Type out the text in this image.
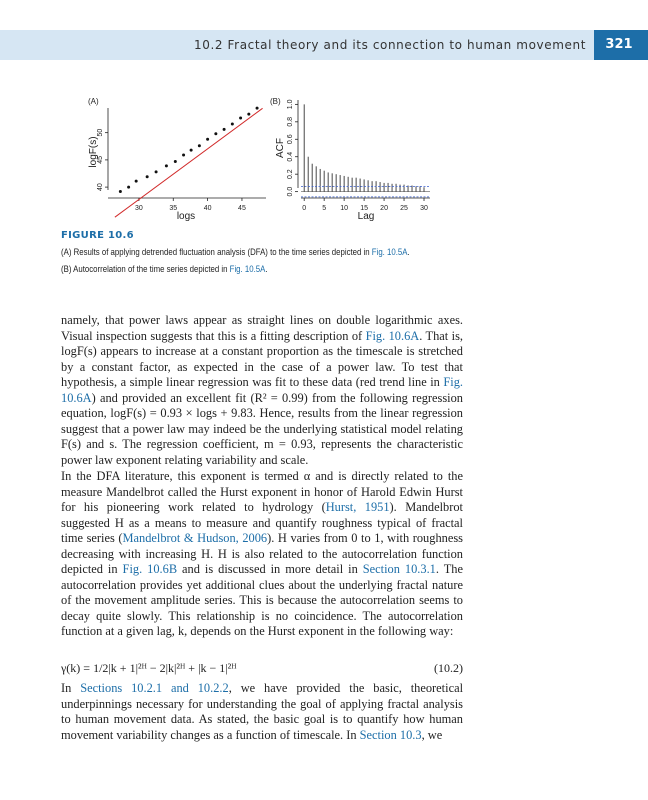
10.2 Fractal theory and its connection to human movement	321
(A)
30	35	40	45
40
45
50
logs
logF(s)
(B)
0 5 10 15 20 25 30
0.0
0.2
0.4
0.6
0.8
1.0
Lag
ACF
FIGURE 10.6
(A) Results of applying detrended fluctuation analysis (DFA) to the time series depicted in Fig. 10.5A.
(B) Autocorrelation of the time series depicted in Fig. 10.5A.

namely, that power laws appear as straight lines on double logarithmic axes. Visual inspection suggests that this is a fitting description of Fig. 10.6A. That is, logF(s) appears to increase at a constant proportion as the timescale is stretched by a constant factor, as expected in the case of a power law. To test that hypothesis, a simple linear regression was fit to these data (red trend line in Fig. 10.6A) and provided an excellent fit (R² = 0.99) from the following regression equation, logF(s) = 0.93 × logs + 9.83. Hence, results from the linear regression suggest that a power law may indeed be the underlying statistical model relating F(s) and s. The regression coefficient, m = 0.93, represents the characteristic power law exponent relating variability and scale.

In the DFA literature, this exponent is termed α and is directly related to the measure Mandelbrot called the Hurst exponent in honor of Harold Edwin Hurst for his pioneering work related to hydrology (Hurst, 1951). Mandelbrot suggested H as a means to measure and quantify roughness typical of fractal time series (Mandelbrot & Hudson, 2006). H varies from 0 to 1, with roughness decreasing with increasing H. H is also related to the autocorrelation function depicted in Fig. 10.6B and is discussed in more detail in Section 10.3.1. The autocorrelation provides yet additional clues about the underlying fractal nature of the movement amplitude series. This is because the autocorrelation seems to decay quite slowly. This relationship is no coincidence. The autocorrelation function at a given lag, k, depends on the Hurst exponent in the following way:

γ(k) = 1/2|k + 1|²ᴴ − 2|k|²ᴴ + |k − 1|²ᴴ	(10.2)

In Sections 10.2.1 and 10.2.2, we have provided the basic, theoretical underpinnings necessary for understanding the goal of applying fractal analysis to human movement data. As stated, the basic goal is to quantify how human movement variability changes as a function of timescale. In Section 10.3, we
